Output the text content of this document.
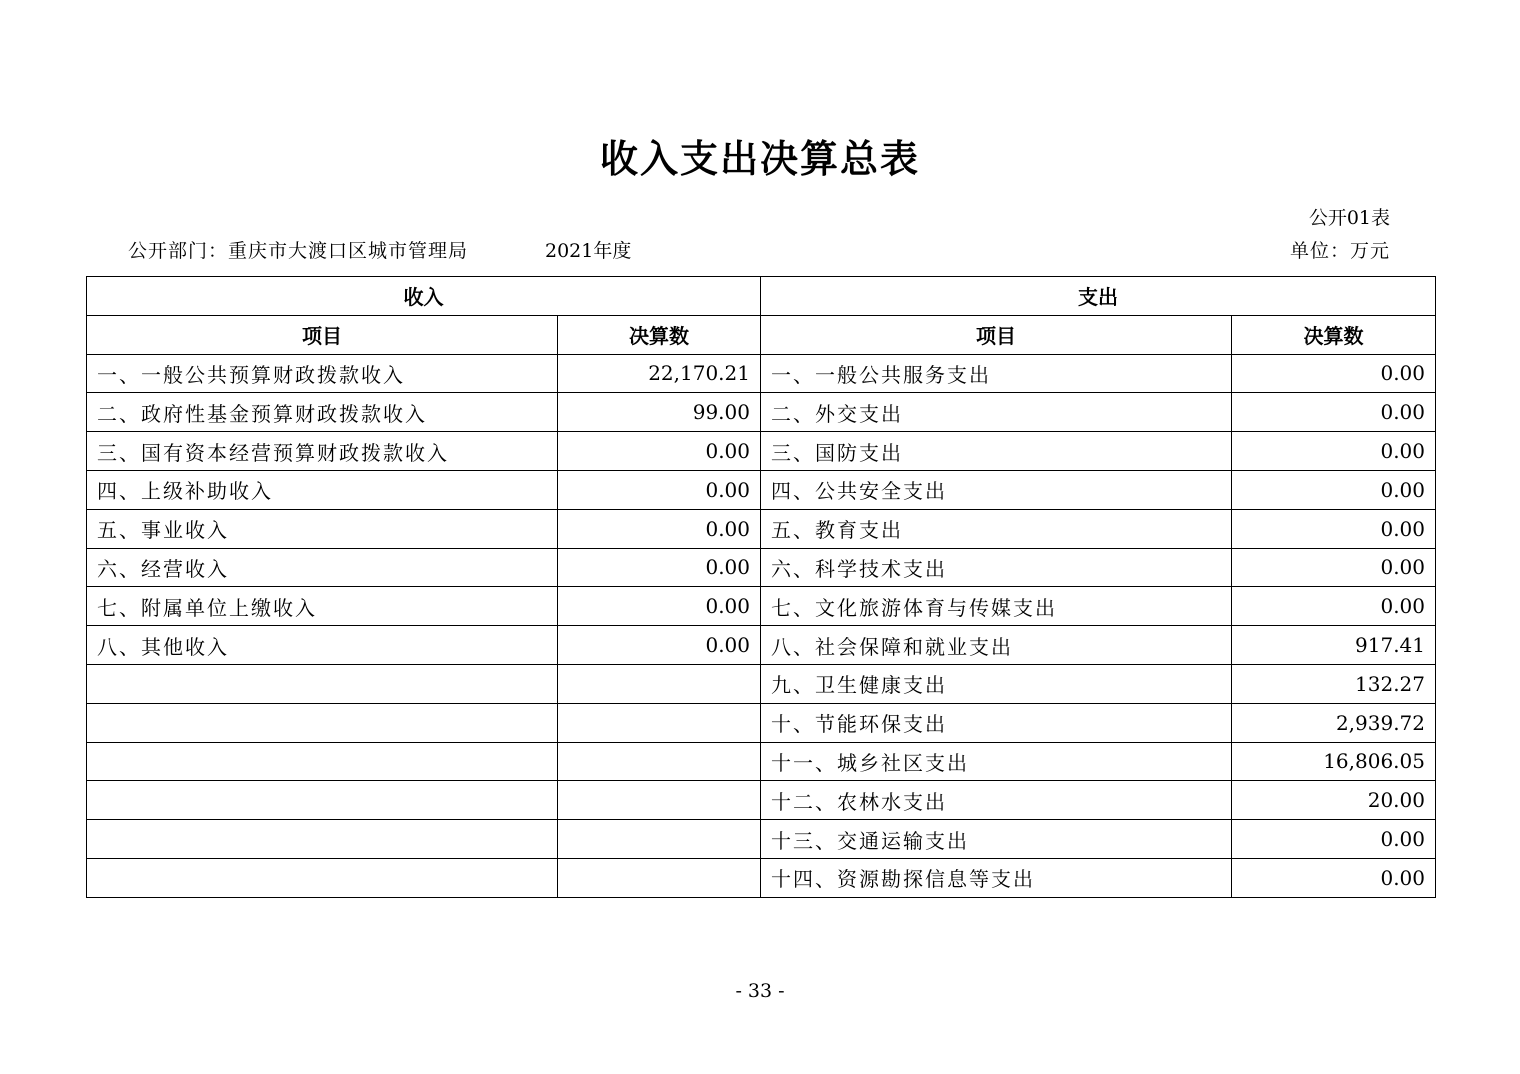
收入支出决算总表
公开01表
公开部门：重庆市大渡口区城市管理局	2021年度	单位：万元
收入		支出	
项目	决算数	项目	决算数
一、一般公共预算财政拨款收入	22,170.21	一、一般公共服务支出	0.00
二、政府性基金预算财政拨款收入	99.00	二、外交支出	0.00
三、国有资本经营预算财政拨款收入	0.00	三、国防支出	0.00
四、上级补助收入	0.00	四、公共安全支出	0.00
五、事业收入	0.00	五、教育支出	0.00
六、经营收入	0.00	六、科学技术支出	0.00
七、附属单位上缴收入	0.00	七、文化旅游体育与传媒支出	0.00
八、其他收入	0.00	八、社会保障和就业支出	917.41
		九、卫生健康支出	132.27
		十、节能环保支出	2,939.72
		十一、城乡社区支出	16,806.05
		十二、农林水支出	20.00
		十三、交通运输支出	0.00
		十四、资源勘探信息等支出	0.00
- 33 -
